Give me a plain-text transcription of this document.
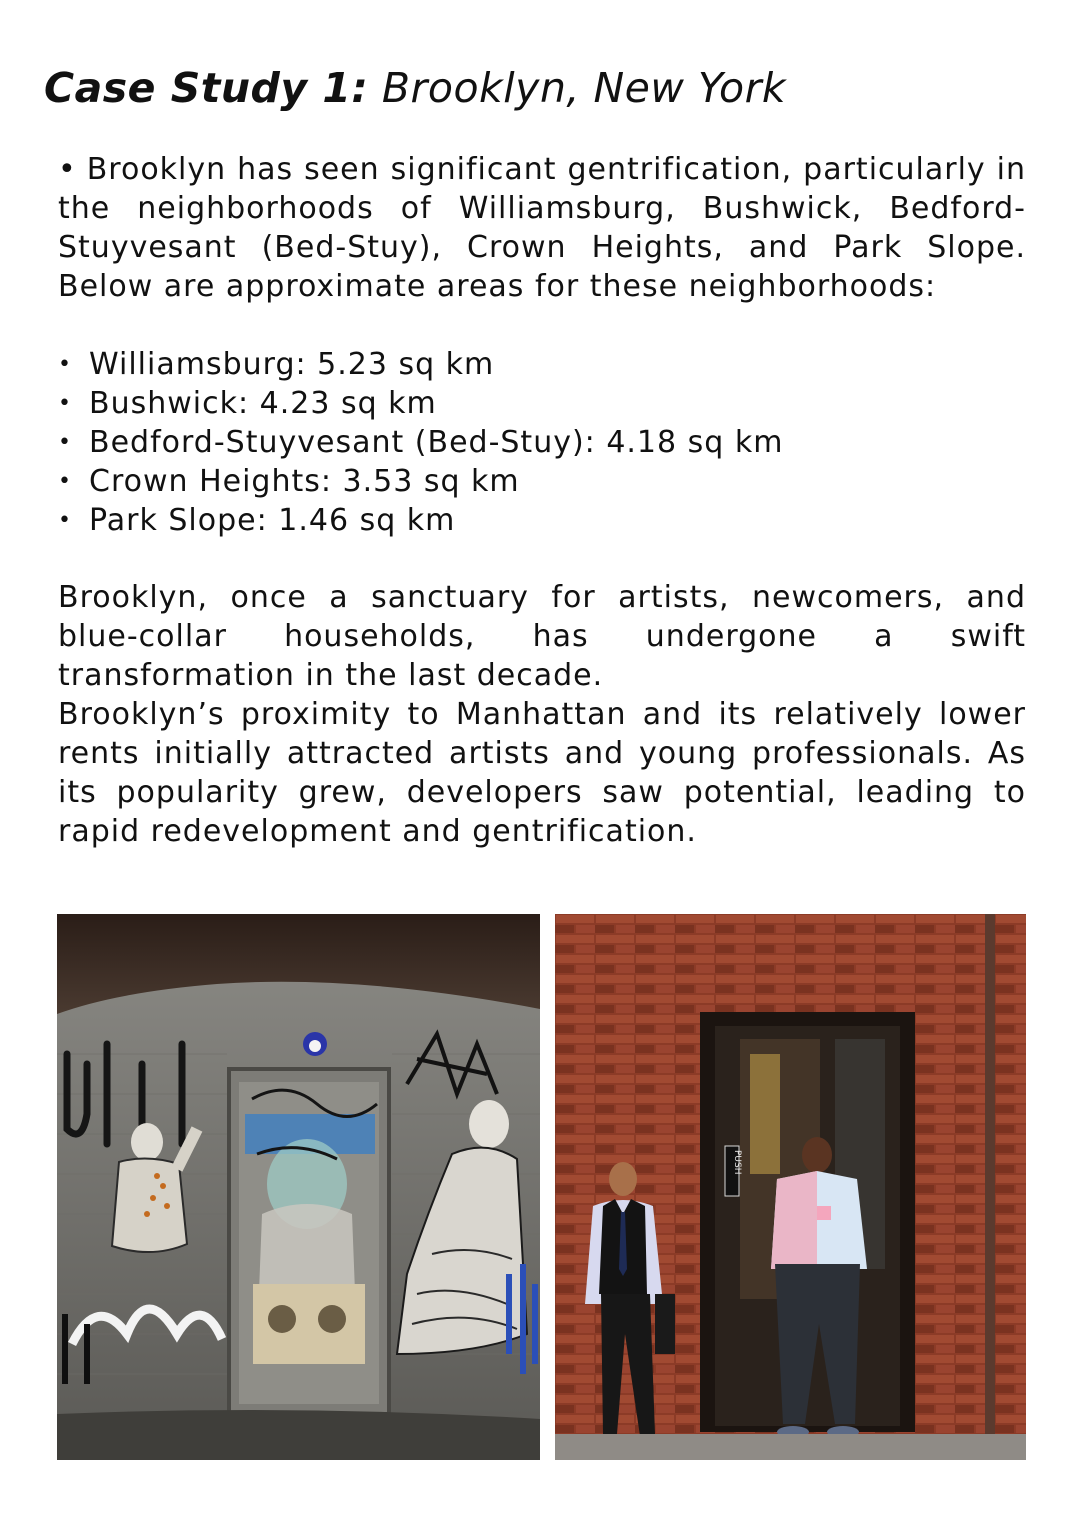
Case Study 1: Brooklyn, New York

• Brooklyn has seen significant gentrification, particularly in the neighborhoods of Williamsburg, Bushwick, Bedford-Stuyvesant (Bed-Stuy), Crown Heights, and Park Slope. Below are approximate areas for these neighborhoods:

• Williamsburg: 5.23 sq km
• Bushwick: 4.23 sq km
• Bedford-Stuyvesant (Bed-Stuy): 4.18 sq km
• Crown Heights: 3.53 sq km
• Park Slope: 1.46 sq km

Brooklyn, once a sanctuary for artists, newcomers, and blue-collar households, has undergone a swift transformation in the last decade.

Brooklyn’s proximity to Manhattan and its relatively lower rents initially attracted artists and young professionals. As its popularity grew, developers saw potential, leading to rapid redevelopment and gentrification.

PUSH
